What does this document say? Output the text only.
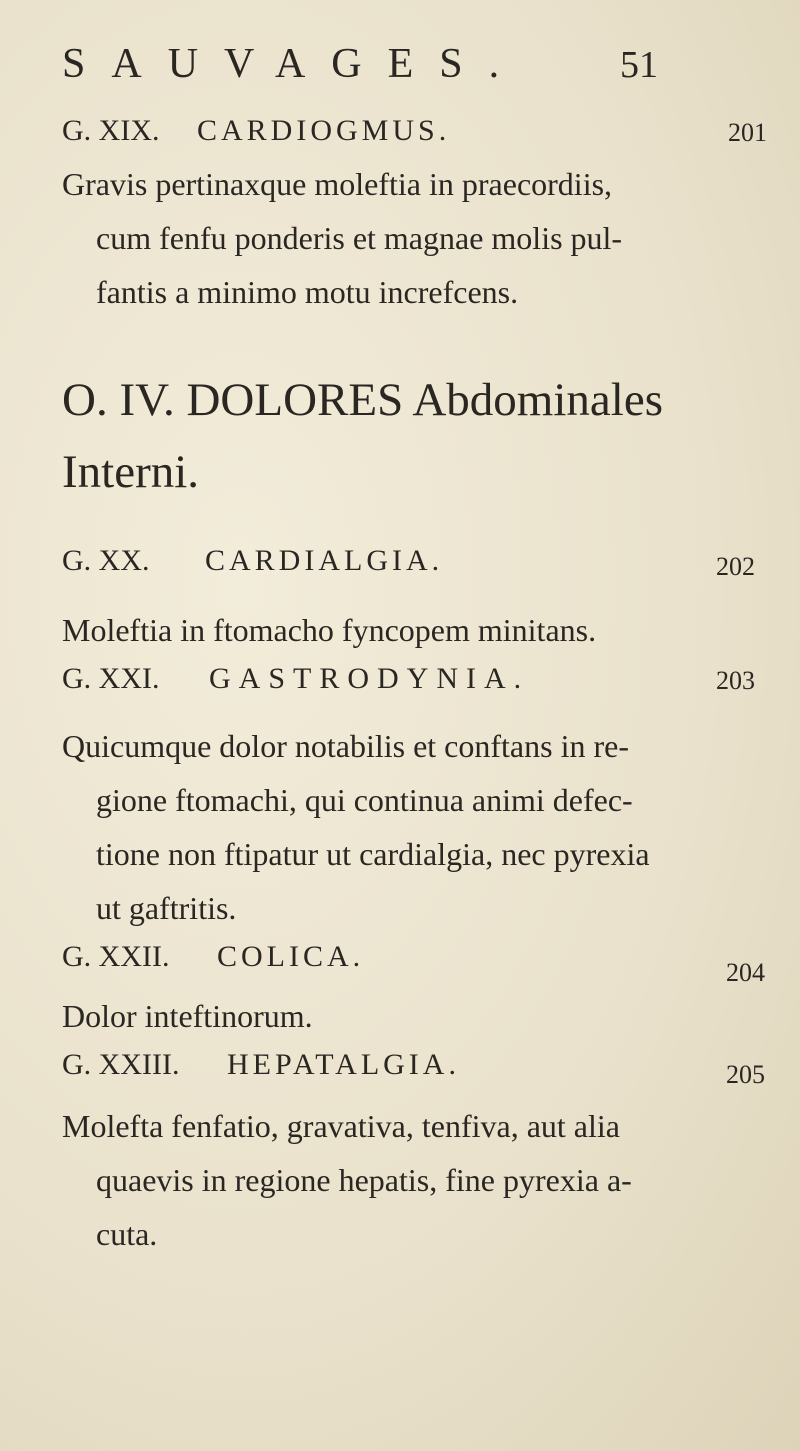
SAUVAGES. 51
G. XIX. CARDIOGMUS.	201
Gravis pertinaxque moleftia in praecordiis,
cum fenfu ponderis et magnae molis pul-
fantis a minimo motu increfcens.
O. IV. DOLORES Abdominales
Interni.
G. XX. CARDIALGIA.	202
Moleftia in ftomacho fyncopem minitans.
G. XXI. GASTRODYNIA.	203
Quicumque dolor notabilis et conftans in re-
gione ftomachi, qui continua animi defec-
tione non ftipatur ut cardialgia, nec pyrexia
ut gaftritis.
G. XXII. COLICA.	204
Dolor inteftinorum.
G. XXIII. HEPATALGIA.	205
Molefta fenfatio, gravativa, tenfiva, aut alia
quaevis in regione hepatis, fine pyrexia a-
cuta.
